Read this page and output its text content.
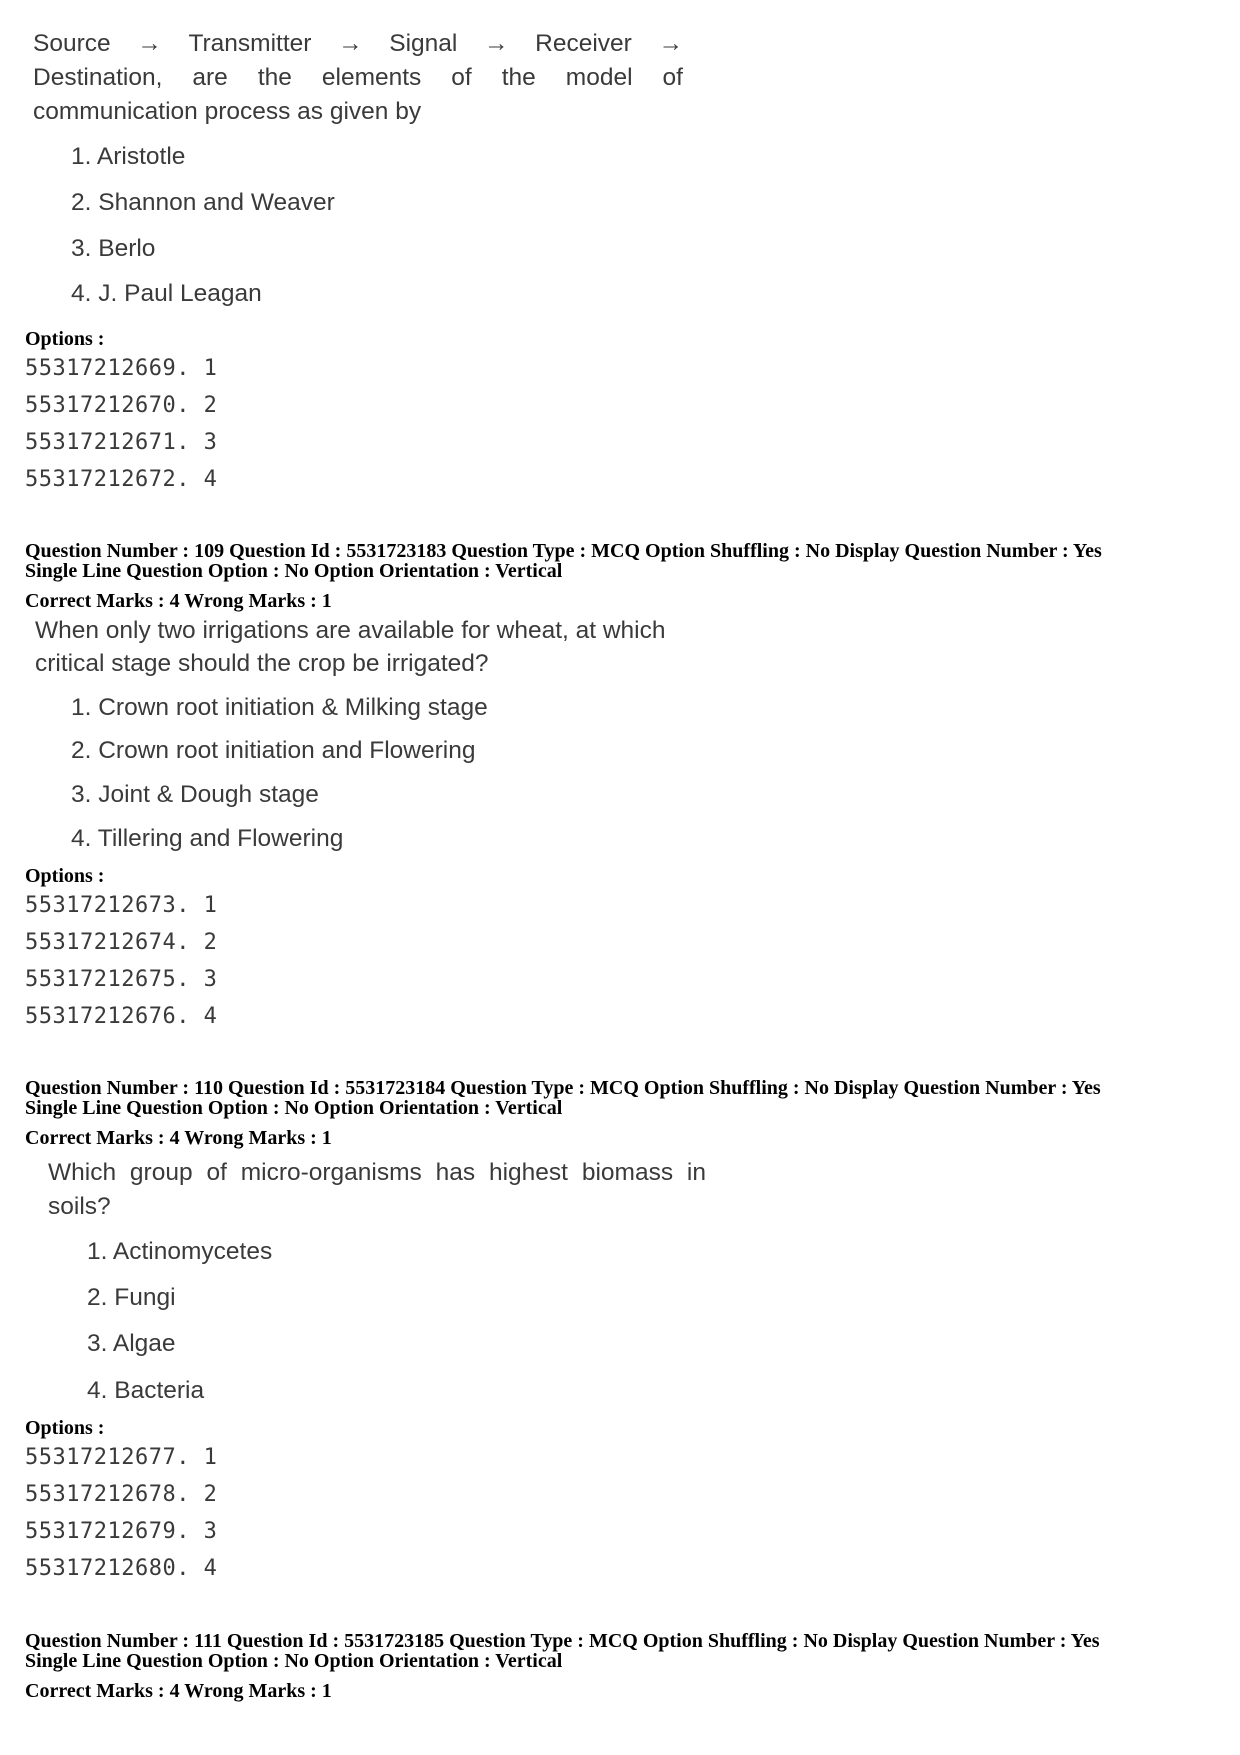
Source → Transmitter → Signal → Receiver →
Destination, are the elements of the model of
communication process as given by
1. Aristotle
2. Shannon and Weaver
3. Berlo
4. J. Paul Leagan
Options :
55317212669. 1
55317212670. 2
55317212671. 3
55317212672. 4
Question Number : 109 Question Id : 5531723183 Question Type : MCQ Option Shuffling : No Display Question Number : Yes
Single Line Question Option : No Option Orientation : Vertical
Correct Marks : 4 Wrong Marks : 1
When only two irrigations are available for wheat, at which
critical stage should the crop be irrigated?
1. Crown root initiation & Milking stage
2. Crown root initiation and Flowering
3. Joint & Dough stage
4. Tillering and Flowering
Options :
55317212673. 1
55317212674. 2
55317212675. 3
55317212676. 4
Question Number : 110 Question Id : 5531723184 Question Type : MCQ Option Shuffling : No Display Question Number : Yes
Single Line Question Option : No Option Orientation : Vertical
Correct Marks : 4 Wrong Marks : 1
Which group of micro-organisms has highest biomass in
soils?
1. Actinomycetes
2. Fungi
3. Algae
4. Bacteria
Options :
55317212677. 1
55317212678. 2
55317212679. 3
55317212680. 4
Question Number : 111 Question Id : 5531723185 Question Type : MCQ Option Shuffling : No Display Question Number : Yes
Single Line Question Option : No Option Orientation : Vertical
Correct Marks : 4 Wrong Marks : 1
